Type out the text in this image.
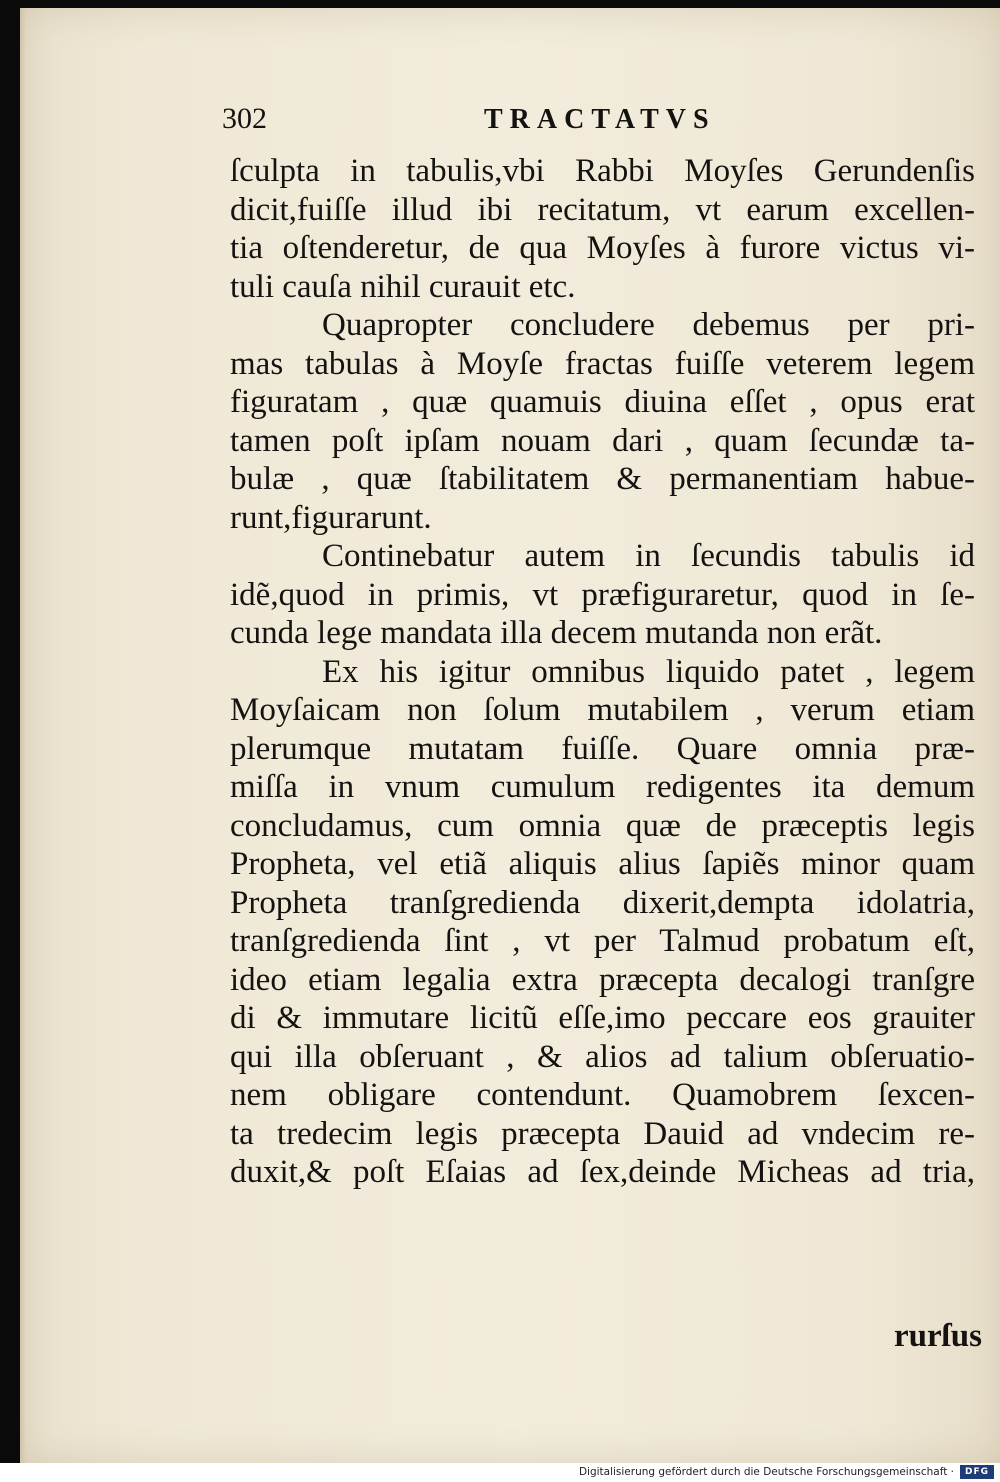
302	TRACTATVS
ſculpta in tabulis,vbi Rabbi Moyſes Gerundenſis
dicit,fuiſſe illud ibi recitatum, vt earum excellen-
tia oſtenderetur, de qua Moyſes à furore victus vi-
tuli cauſa nihil curauit etc.
Quapropter concludere debemus per pri-
mas tabulas à Moyſe fractas fuiſſe veterem legem
figuratam , quæ quamuis diuina eſſet , opus erat
tamen poſt ipſam nouam dari , quam ſecundæ ta-
bulæ , quæ ſtabilitatem & permanentiam habue-
runt,figurarunt.
Continebatur autem in ſecundis tabulis id
idẽ,quod in primis, vt præfiguraretur, quod in ſe-
cunda lege mandata illa decem mutanda non erãt.
Ex his igitur omnibus liquido patet , legem
Moyſaicam non ſolum mutabilem , verum etiam
plerumque mutatam fuiſſe. Quare omnia præ-
miſſa in vnum cumulum redigentes ita demum
concludamus, cum omnia quæ de præceptis legis
Propheta, vel etiã aliquis alius ſapiẽs minor quam
Propheta tranſgredienda dixerit,dempta idolatria,
tranſgredienda ſint , vt per Talmud probatum eſt,
ideo etiam legalia extra præcepta decalogi tranſgre
di & immutare licitũ eſſe,imo peccare eos grauiter
qui illa obſeruant , & alios ad talium obſeruatio-
nem obligare contendunt. Quamobrem ſexcen-
ta tredecim legis præcepta Dauid ad vndecim re-
duxit,& poſt Eſaias ad ſex,deinde Micheas ad tria,
rurſus
Digitalisierung gefördert durch die Deutsche Forschungsgemeinschaft ·	DFG
